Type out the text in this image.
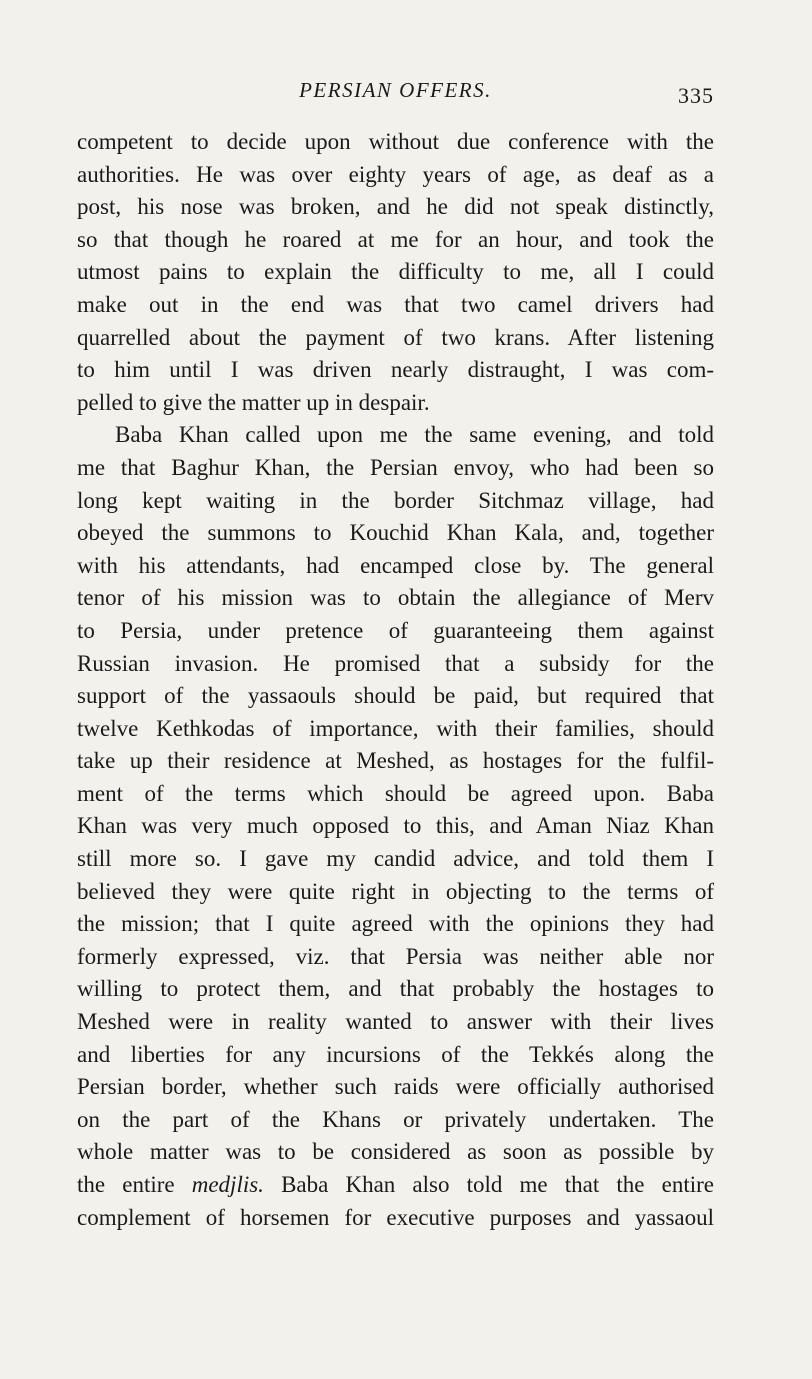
PERSIAN OFFERS.	335
competent to decide upon without due conference with the
authorities. He was over eighty years of age, as deaf as a
post, his nose was broken, and he did not speak distinctly,
so that though he roared at me for an hour, and took the
utmost pains to explain the difficulty to me, all I could
make out in the end was that two camel drivers had
quarrelled about the payment of two krans. After listening
to him until I was driven nearly distraught, I was com-
pelled to give the matter up in despair.
Baba Khan called upon me the same evening, and told
me that Baghur Khan, the Persian envoy, who had been so
long kept waiting in the border Sitchmaz village, had
obeyed the summons to Kouchid Khan Kala, and, together
with his attendants, had encamped close by. The general
tenor of his mission was to obtain the allegiance of Merv
to Persia, under pretence of guaranteeing them against
Russian invasion. He promised that a subsidy for the
support of the yassaouls should be paid, but required that
twelve Kethkodas of importance, with their families, should
take up their residence at Meshed, as hostages for the fulfil-
ment of the terms which should be agreed upon. Baba
Khan was very much opposed to this, and Aman Niaz Khan
still more so. I gave my candid advice, and told them I
believed they were quite right in objecting to the terms of
the mission; that I quite agreed with the opinions they had
formerly expressed, viz. that Persia was neither able nor
willing to protect them, and that probably the hostages to
Meshed were in reality wanted to answer with their lives
and liberties for any incursions of the Tekkés along the
Persian border, whether such raids were officially authorised
on the part of the Khans or privately undertaken. The
whole matter was to be considered as soon as possible by
the entire medjlis. Baba Khan also told me that the entire
complement of horsemen for executive purposes and yassaoul
